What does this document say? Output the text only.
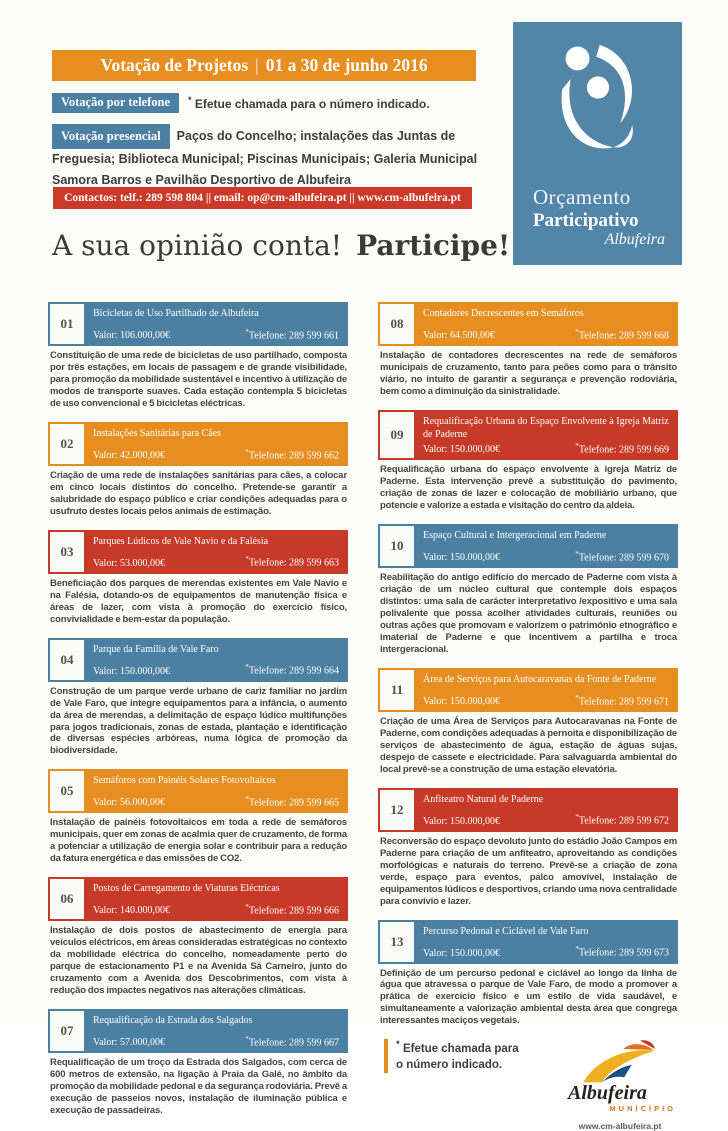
Votação de Projetos | 01 a 30 de junho 2016
Votação por telefone	* Efetue chamada para o número indicado.
Votação presencial Paços do Concelho; instalações das Juntas de Freguesia; Biblioteca Municipal; Piscinas Municipais; Galeria Municipal Samora Barros e Pavilhão Desportivo de Albufeira
Contactos: telf.: 289 598 804 || email: op@cm-albufeira.pt || www.cm-albufeira.pt	Orçamento
Participativo
Albufeira
A sua opinião conta! Participe!
01
Bicicletas de Uso Partilhado de Albufeira
Valor: 106.000,00€	*Telefone: 289 599 661

Constituição de uma rede de bicicletas de uso partilhado, composta por três estações, em locais de passagem e de grande visibilidade, para promoção da mobilidade sustentável e incentivo à utilização de modos de transporte suaves. Cada estação contempla 5 bicicletas de uso convencional e 5 bicicletas eléctricas.

02
Instalações Sanitárias para Cães
Valor: 42.000,00€	*Telefone: 289 599 662

Criação de uma rede de instalações sanitárias para cães, a colocar em cinco locais distintos do concelho. Pretende-se garantir a salubridade do espaço público e criar condições adequadas para o usufruto destes locais pelos animais de estimação.

03
Parques Lúdicos de Vale Navio e da Falésia
Valor: 53.000,00€	*Telefone: 289 599 663

Beneficiação dos parques de merendas existentes em Vale Navio e na Falésia, dotando-os de equipamentos de manutenção física e áreas de lazer, com vista à promoção do exercício físico, convivialidade e bem-estar da população.

04
Parque da Família de Vale Faro
Valor: 150.000,00€	*Telefone: 289 599 664

Construção de um parque verde urbano de cariz familiar no jardim de Vale Faro, que integre equipamentos para a infância, o aumento da área de merendas, a delimitação de espaço lúdico multifunções para jogos tradicionais, zonas de estada, plantação e identificação de diversas espécies arbóreas, numa lógica de promoção da biodiversidade.

05
Semáforos com Painéis Solares Fotovoltaicos
Valor: 56.000,00€	*Telefone: 289 599 665

Instalação de painéis fotovoltaicos em toda a rede de semáforos municipais, quer em zonas de acalmia quer de cruzamento, de forma a potenciar a utilização de energia solar e contribuir para a redução da fatura energética e das emissões de CO2.

06
Postos de Carregamento de Viaturas Eléctricas
Valor: 140.000,00€	*Telefone: 289 599 666

Instalação de dois postos de abastecimento de energia para veículos eléctricos, em áreas consideradas estratégicas no contexto da mobilidade eléctrica do concelho, nomeadamente perto do parque de estacionamento P1 e na Avenida Sá Carneiro, junto do cruzamento com a Avenida dos Descobrimentos, com vista à redução dos impactes negativos nas alterações climáticas.

07
Requalificação da Estrada dos Salgados
Valor: 57.000,00€	*Telefone: 289 599 667

Requalificação de um troço da Estrada dos Salgados, com cerca de 600 metros de extensão, na ligação à Praia da Galé, no âmbito da promoção da mobilidade pedonal e da segurança rodoviária. Prevê a execução de passeios novos, instalação de iluminação pública e execução de passadeiras.

08
Contadores Decrescentes em Semáforos
Valor: 64.500,00€	*Telefone: 289 599 668

Instalação de contadores decrescentes na rede de semáforos municipais de cruzamento, tanto para peões como para o trânsito viário, no intuito de garantir a segurança e prevenção rodoviária, bem como a diminuição da sinistralidade.

09
Requalificação Urbana do Espaço Envolvente à Igreja Matriz de Paderne
Valor: 150.000,00€	*Telefone: 289 599 669

Requalificação urbana do espaço envolvente à igreja Matriz de Paderne. Esta intervenção prevê a substituição do pavimento, criação de zonas de lazer e colocação de mobiliário urbano, que potencie e valorize a estada e visitação do centro da aldeia.

10
Espaço Cultural e Intergeracional em Paderne
Valor: 150.000,00€	*Telefone: 289 599 670

Reabilitação do antigo edifício do mercado de Paderne com vista à criação de um núcleo cultural que contemple dois espaços distintos: uma sala de carácter interpretativo /expositivo e uma sala polivalente que possa acolher atividades culturais, reuniões ou outras ações que promovam e valorizem o património etnográfico e imaterial de Paderne e que incentivem a partilha e troca intergeracional.

11
Área de Serviços para Autocaravanas da Fonte de Paderne
Valor: 150.000,00€	*Telefone: 289 599 671

Criação de uma Área de Serviços para Autocaravanas na Fonte de Paderne, com condições adequadas à pernoita e disponibilização de serviços de abastecimento de água, estação de águas sujas, despejo de cassete e electricidade. Para salvaguarda ambiental do local prevê-se a construção de uma estação elevatória.

12
Anfiteatro Natural de Paderne
Valor: 150.000,00€	*Telefone: 289 599 672

Reconversão do espaço devoluto junto do estádio João Campos em Paderne para criação de um anfiteatro, aproveitando as condições morfológicas e naturais do terreno. Prevê-se a criação de zona verde, espaço para eventos, palco amovível, instalação de equipamentos lúdicos e desportivos, criando uma nova centralidade para convívio e lazer.

13
Percurso Pedonal e Ciclável de Vale Faro
Valor: 150.000,00€	*Telefone: 289 599 673

Definição de um percurso pedonal e ciclável ao longo da linha de água que atravessa o parque de Vale Faro, de modo a promover a prática de exercício físico e um estilo de vida saudável, e simultaneamente a valorização ambiental desta área que congrega interessantes maciços vegetais.

* Efetue chamada para
o número indicado.
Albufeira
MUNICÍPIO
www.cm-albufeira.pt
